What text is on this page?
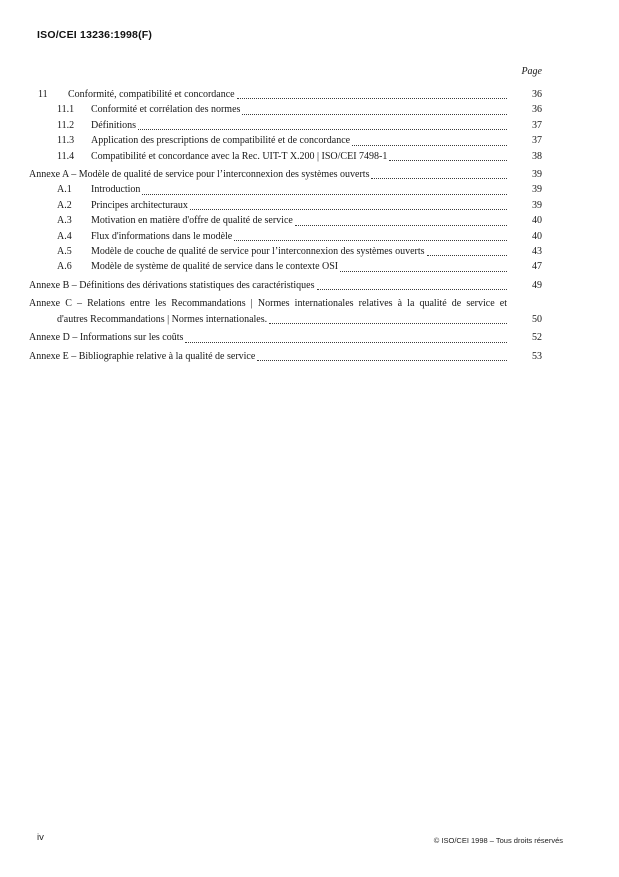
ISO/CEI 13236:1998(F)
Page
11	Conformité, compatibilité et concordance	36
11.1	Conformité et corrélation des normes	36
11.2	Définitions	37
11.3	Application des prescriptions de compatibilité et de concordance	37
11.4	Compatibilité et concordance avec la Rec. UIT-T X.200 | ISO/CEI 7498-1	38
Annexe A – Modèle de qualité de service pour l’interconnexion des systèmes ouverts	39
A.1	Introduction	39
A.2	Principes architecturaux	39
A.3	Motivation en matière d'offre de qualité de service	40
A.4	Flux d'informations dans le modèle	40
A.5	Modèle de couche de qualité de service pour l’interconnexion des systèmes ouverts	43
A.6	Modèle de système de qualité de service dans le contexte OSI	47
Annexe B – Définitions des dérivations statistiques des caractéristiques	49
Annexe C – Relations entre les Recommandations | Normes internationales relatives à la qualité de service et
d'autres Recommandations | Normes internationales.	50
Annexe D – Informations sur les coûts	52
Annexe E – Bibliographie relative à la qualité de service	53
iv	© ISO/CEI 1998 – Tous droits réservés
